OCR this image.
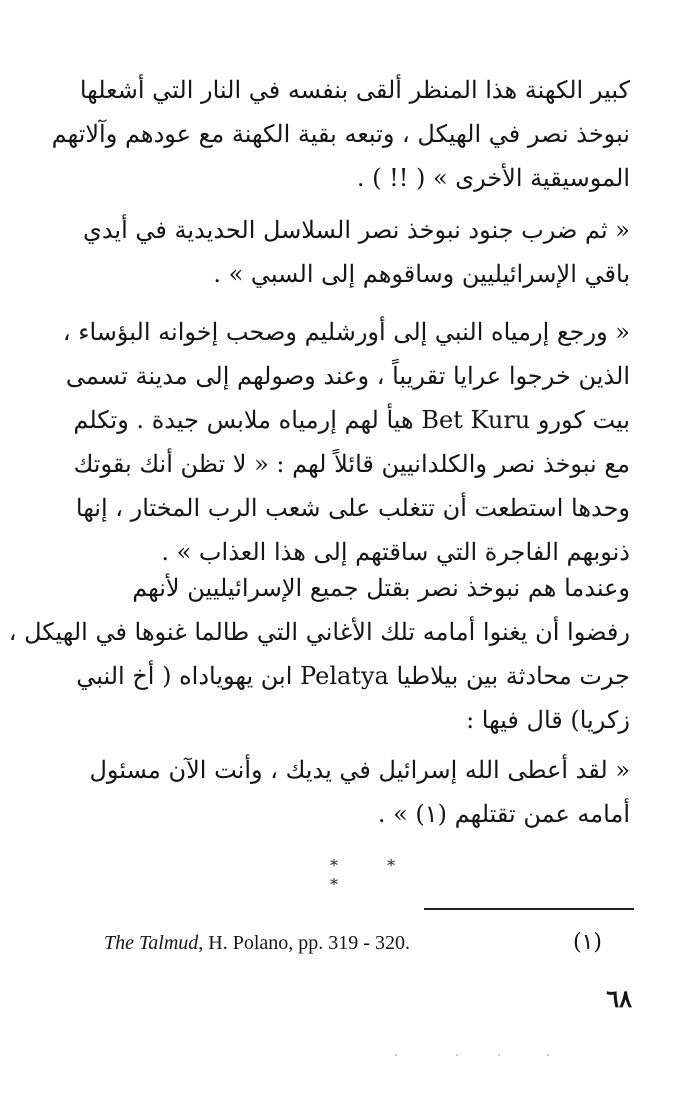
كبير الكهنة هذا المنظر ألقى بنفسه في النار التي أشعلها
نبوخذ نصر في الهيكل ، وتبعه بقية الكهنة مع عودهم وآلاتهم
الموسيقية الأخرى » ( !! ) .
« ثم ضرب جنود نبوخذ نصر السلاسل الحديدية في أيدي
باقي الإسرائيليين وساقوهم إلى السبي » .
« ورجع إرمياه النبي إلى أورشليم وصحب إخوانه البؤساء ،
الذين خرجوا عرايا تقريباً ، وعند وصولهم إلى مدينة تسمى
بيت كورو Bet Kuru هيأ لهم إرمياه ملابس جيدة . وتكلم
مع نبوخذ نصر والكلدانيين قائلاً لهم : « لا تظن أنك بقوتك
وحدها استطعت أن تتغلب على شعب الرب المختار ، إنها
ذنوبهم الفاجرة التي ساقتهم إلى هذا العذاب » .
وعندما هم نبوخذ نصر بقتل جميع الإسرائيليين لأنهم
رفضوا أن يغنوا أمامه تلك الأغاني التي طالما غنوها في الهيكل ،
جرت محادثة بين بيلاطيا Pelatya ابن يهوياداه ( أخ النبي
زكريا) قال فيها :
« لقد أعطى الله إسرائيل في يديك ، وأنت الآن مسئول
أمامه عمن تقتلهم (١) » .
* * *
The Talmud, H. Polano, pp. 319 - 320.	(١)
٦٨
